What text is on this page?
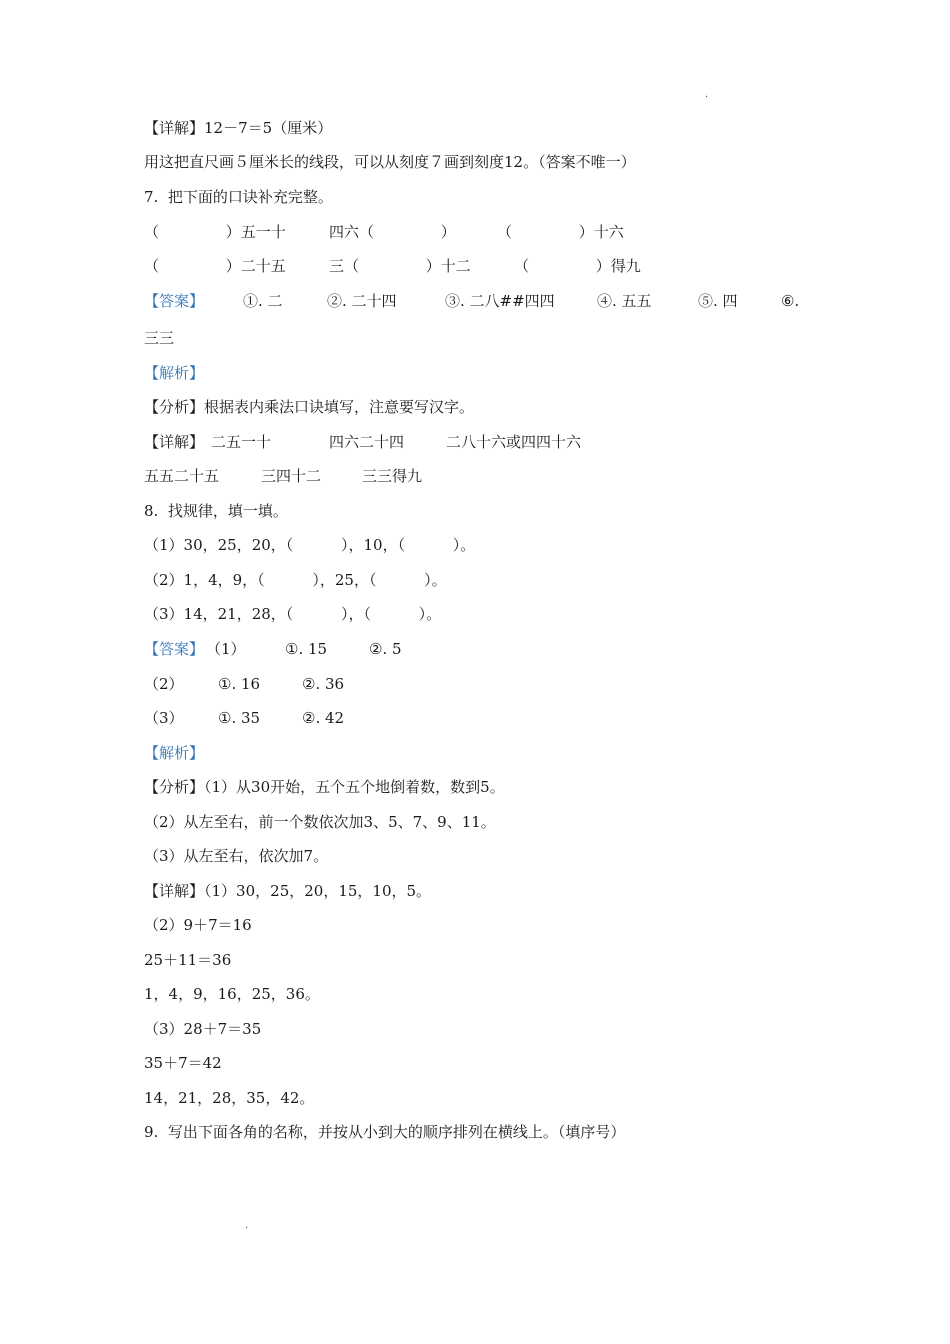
·
【详解】12－7＝5（厘米）
用这把直尺画５厘米长的线段，可以从刻度７画到刻度12。（答案不唯一）
7.  把下面的口诀补充完整。
（              ）五一十	四六（              ）	（              ）十六
（              ）二十五	三（              ）十二	（              ）得九
【答案】	①. 二	②. 二十四	③. 二八##四四	④. 五五	⑤. 四	⑥.
三三
【解析】
【分析】根据表内乘法口诀填写，注意要写汉字。
【详解】 二五一十	四六二十四	二八十六或四四十六
五五二十五	三四十二	三三得九
8.  找规律，填一填。
（1）30，25，20，（          ），10，（          ）。
（2）1，4，9，（          ），25，（          ）。
（3）14，21，28，（          ），（          ）。
【答案】 （1）	①. 15	②. 5
（2） ①. 16	②. 36
（3） ①. 35	②. 42
【解析】
【分析】（1）从30开始，五个五个地倒着数，数到5。
（2）从左至右，前一个数依次加3、5、7、9、11。
（3）从左至右，依次加7。
【详解】（1）30，25，20，15，10，5。
（2）9＋7＝16
25＋11＝36
1，4，9，16，25，36。
（3）28＋7＝35
35＋7＝42
14，21，28，35，42。
9.  写出下面各角的名称，并按从小到大的顺序排列在横线上。（填序号）
·
